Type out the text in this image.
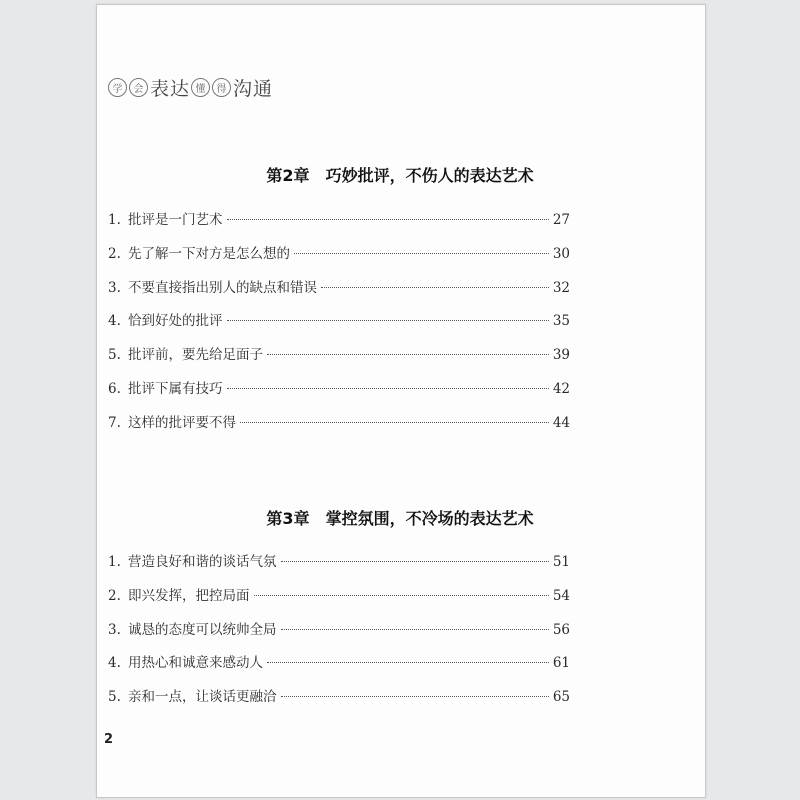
学	会 表达 懂	得 沟通
第2章 巧妙批评，不伤人的表达艺术
1. 批评是一门艺术	27
2. 先了解一下对方是怎么想的	30
3. 不要直接指出别人的缺点和错误	32
4. 恰到好处的批评	35
5. 批评前，要先给足面子	39
6. 批评下属有技巧	42
7. 这样的批评要不得	44
第3章 掌控氛围，不冷场的表达艺术
1. 营造良好和谐的谈话气氛	51
2. 即兴发挥，把控局面	54
3. 诚恳的态度可以统帅全局	56
4. 用热心和诚意来感动人	61
5. 亲和一点，让谈话更融洽	65
2
